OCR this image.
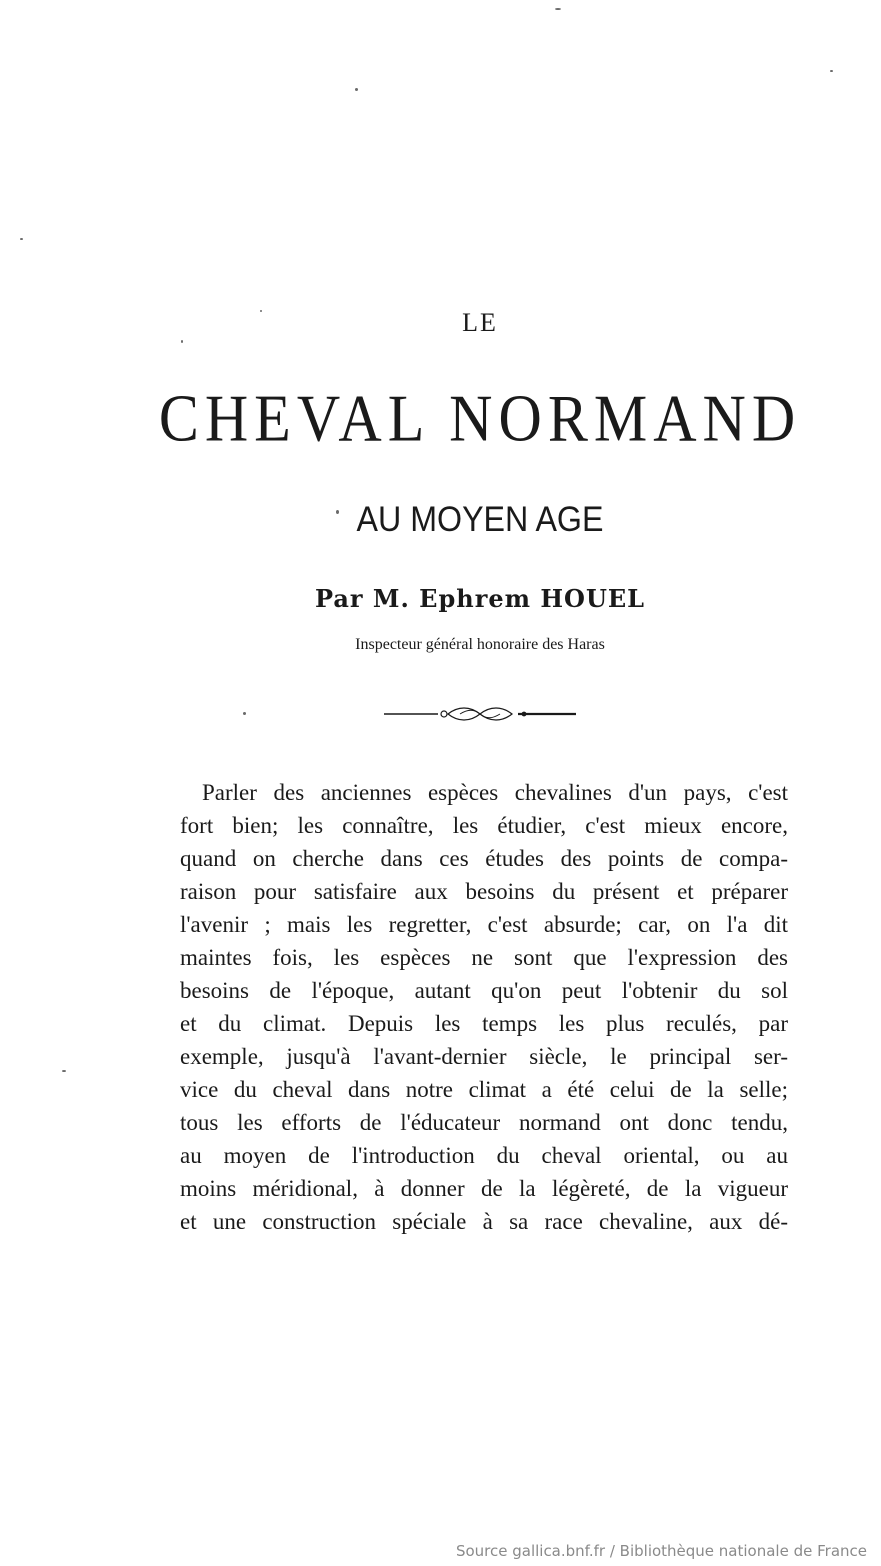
LE
CHEVAL NORMAND
AU MOYEN AGE
Par M. Ephrem HOUEL
Inspecteur général honoraire des Haras
Parler des anciennes espèces chevalines d'un pays, c'est
fort bien; les connaître, les étudier, c'est mieux encore,
quand on cherche dans ces études des points de compa-
raison pour satisfaire aux besoins du présent et préparer
l'avenir ; mais les regretter, c'est absurde; car, on l'a dit
maintes fois, les espèces ne sont que l'expression des
besoins de l'époque, autant qu'on peut l'obtenir du sol
et du climat. Depuis les temps les plus reculés, par
exemple, jusqu'à l'avant-dernier siècle, le principal ser-
vice du cheval dans notre climat a été celui de la selle;
tous les efforts de l'éducateur normand ont donc tendu,
au moyen de l'introduction du cheval oriental, ou au
moins méridional, à donner de la légèreté, de la vigueur
et une construction spéciale à sa race chevaline, aux dé-
Source gallica.bnf.fr / Bibliothèque nationale de France
